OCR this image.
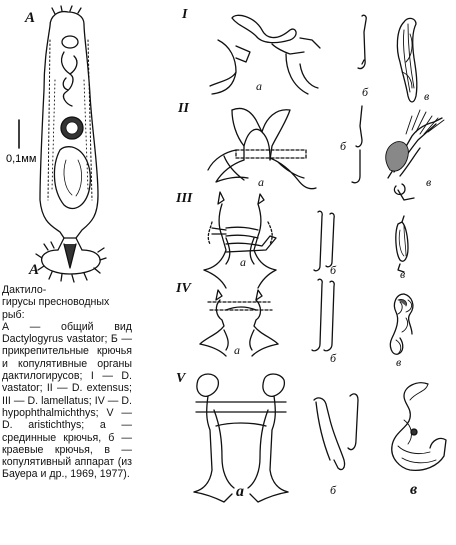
А
А
0,1мм
I
II
III
IV
V
а	б	в
а
б
в
а
б	в
а
б	в
а	б	в
Дактило-
гирусы пресноводных
рыб:
А — общий вид Dactylogyrus vastator; Б — прикрепительные крючья и копулятивные органы дактилогирусов; I — D. vastator; II — D. extensus; III — D. lamellatus; IV — D. hypophthalmichthys; V — D. aristichthys; а — срединные крючья, б — краевые крючья, в — копулятивный аппарат (из Бауера и др., 1969, 1977).
